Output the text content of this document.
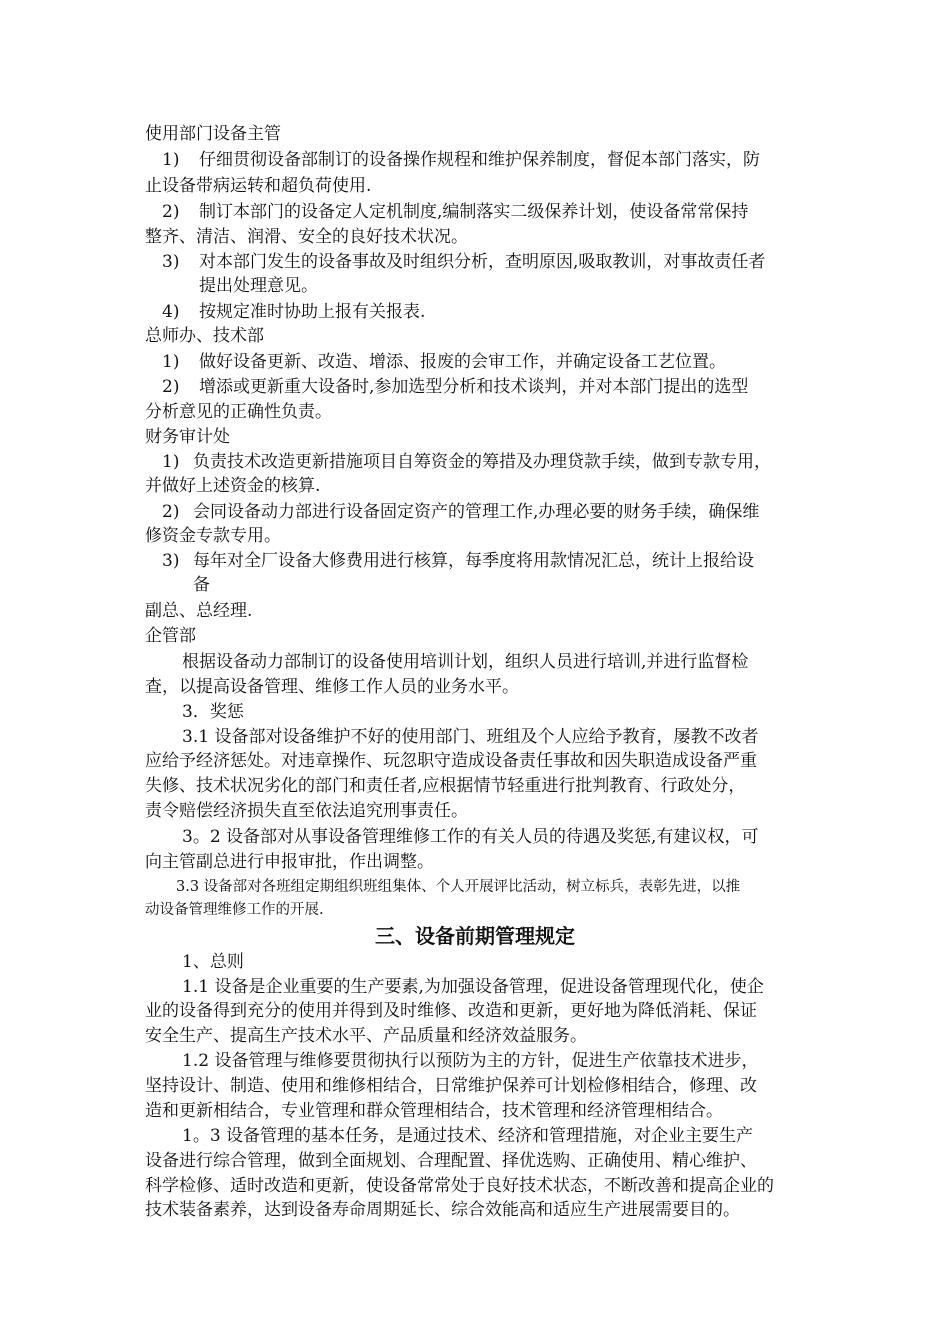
使用部门设备主管
1) 仔细贯彻设备部制订的设备操作规程和维护保养制度，督促本部门落实，防
止设备带病运转和超负荷使用.
2) 制订本部门的设备定人定机制度,编制落实二级保养计划，使设备常常保持
整齐、清洁、润滑、安全的良好技术状况。
3) 对本部门发生的设备事故及时组织分析，查明原因,吸取教训，对事故责任者
提出处理意见。
4) 按规定准时协助上报有关报表.
总师办、技术部
1) 做好设备更新、改造、增添、报废的会审工作，并确定设备工艺位置。
2) 增添或更新重大设备时,参加选型分析和技术谈判，并对本部门提出的选型
分析意见的正确性负责。
财务审计处
1) 负责技术改造更新措施项目自筹资金的筹措及办理贷款手续，做到专款专用，
并做好上述资金的核算.
2) 会同设备动力部进行设备固定资产的管理工作,办理必要的财务手续，确保维
修资金专款专用。
3) 每年对全厂设备大修费用进行核算，每季度将用款情况汇总，统计上报给设
备
副总、总经理.
企管部
根据设备动力部制订的设备使用培训计划，组织人员进行培训,并进行监督检
查，以提高设备管理、维修工作人员的业务水平。
3．奖惩
3.1 设备部对设备维护不好的使用部门、班组及个人应给予教育，屡教不改者
应给予经济惩处。对违章操作、玩忽职守造成设备责任事故和因失职造成设备严重
失修、技术状况劣化的部门和责任者,应根据情节轻重进行批判教育、行政处分，
责令赔偿经济损失直至依法追究刑事责任。
3。2 设备部对从事设备管理维修工作的有关人员的待遇及奖惩,有建议权，可
向主管副总进行申报审批，作出调整。
3.3 设备部对各班组定期组织班组集体、个人开展评比活动，树立标兵，表彰先进，以推
动设备管理维修工作的开展.
三、设备前期管理规定
1、总则
1.1 设备是企业重要的生产要素,为加强设备管理，促进设备管理现代化，使企
业的设备得到充分的使用并得到及时维修、改造和更新，更好地为降低消耗、保证
安全生产、提高生产技术水平、产品质量和经济效益服务。
1.2 设备管理与维修要贯彻执行以预防为主的方针，促进生产依靠技术进步，
坚持设计、制造、使用和维修相结合，日常维护保养可计划检修相结合，修理、改
造和更新相结合，专业管理和群众管理相结合，技术管理和经济管理相结合。
1。3 设备管理的基本任务，是通过技术、经济和管理措施，对企业主要生产
设备进行综合管理，做到全面规划、合理配置、择优选购、正确使用、精心维护、
科学检修、适时改造和更新，使设备常常处于良好技术状态，不断改善和提高企业的
技术装备素养，达到设备寿命周期延长、综合效能高和适应生产进展需要目的。
